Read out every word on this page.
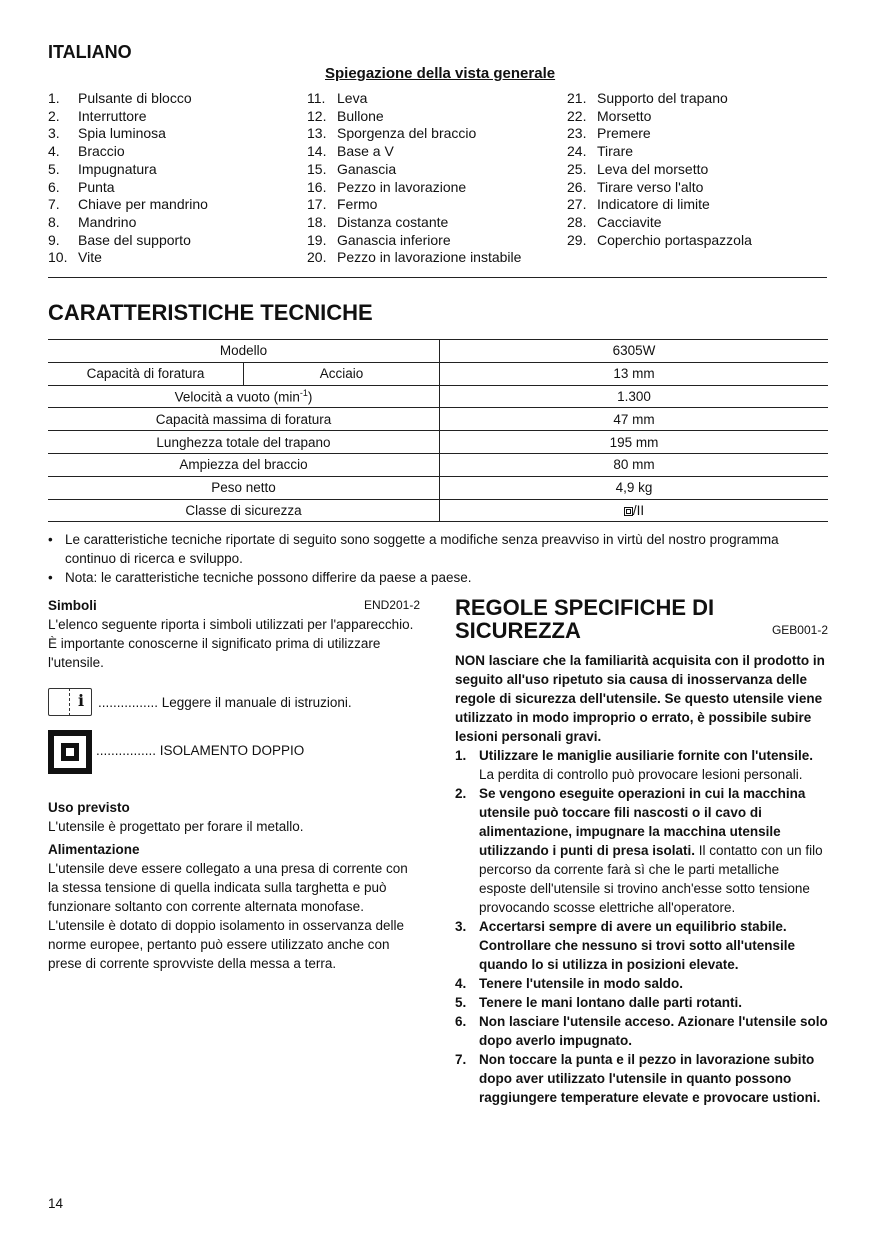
ITALIANO
Spiegazione della vista generale
1.	Pulsante di blocco
2.	Interruttore
3.	Spia luminosa
4.	Braccio
5.	Impugnatura
6.	Punta
7.	Chiave per mandrino
8.	Mandrino
9.	Base del supporto
10. Vite
11. Leva
12. Bullone
13. Sporgenza del braccio
14. Base a V
15. Ganascia
16. Pezzo in lavorazione
17. Fermo
18. Distanza costante
19. Ganascia inferiore
20. Pezzo in lavorazione instabile
21. Supporto del trapano
22. Morsetto
23. Premere
24. Tirare
25. Leva del morsetto
26. Tirare verso l'alto
27. Indicatore di limite
28. Cacciavite
29. Coperchio portaspazzola
CARATTERISTICHE TECNICHE
Modello		6305W
Capacità di foratura	Acciaio	13 mm
Velocità a vuoto $(\min^{-1})$		1.300
Capacità massima di foratura		47 mm
Lunghezza totale del trapano		195 mm
Ampiezza del braccio		80 mm
Peso netto		4,9 kg
Classe di sicurezza		/II
• Le caratteristiche tecniche riportate di seguito sono soggette a modifiche senza preavviso in virtù del nostro programma continuo di ricerca e sviluppo.
• Nota: le caratteristiche tecniche possono differire da paese a paese.
Simboli	END201-2
L'elenco seguente riporta i simboli utilizzati per l'apparecchio.
È importante conoscerne il significato prima di utilizzare l'utensile.
i ................ Leggere il manuale di istruzioni.
................ ISOLAMENTO DOPPIO
Uso previsto
L'utensile è progettato per forare il metallo.
Alimentazione
L'utensile deve essere collegato a una presa di corrente con la stessa tensione di quella indicata sulla targhetta e può funzionare soltanto con corrente alternata monofase. L'utensile è dotato di doppio isolamento in osservanza delle norme europee, pertanto può essere utilizzato anche con prese di corrente sprovviste della messa a terra.
REGOLE SPECIFICHE DI SICUREZZA	GEB001-2
NON lasciare che la familiarità acquisita con il prodotto in seguito all'uso ripetuto sia causa di inosservanza delle regole di sicurezza dell'utensile. Se questo utensile viene utilizzato in modo improprio o errato, è possibile subire lesioni personali gravi.
1. Utilizzare le maniglie ausiliarie fornite con l'utensile. La perdita di controllo può provocare lesioni personali.
2. Se vengono eseguite operazioni in cui la macchina utensile può toccare fili nascosti o il cavo di alimentazione, impugnare la macchina utensile utilizzando i punti di presa isolati. Il contatto con un filo percorso da corrente farà sì che le parti metalliche esposte dell'utensile si trovino anch'esse sotto tensione provocando scosse elettriche all'operatore.
3. Accertarsi sempre di avere un equilibrio stabile. Controllare che nessuno si trovi sotto all'utensile quando lo si utilizza in posizioni elevate.
4. Tenere l'utensile in modo saldo.
5. Tenere le mani lontano dalle parti rotanti.
6. Non lasciare l'utensile acceso. Azionare l'utensile solo dopo averlo impugnato.
7. Non toccare la punta e il pezzo in lavorazione subito dopo aver utilizzato l'utensile in quanto possono raggiungere temperature elevate e provocare ustioni.
14
